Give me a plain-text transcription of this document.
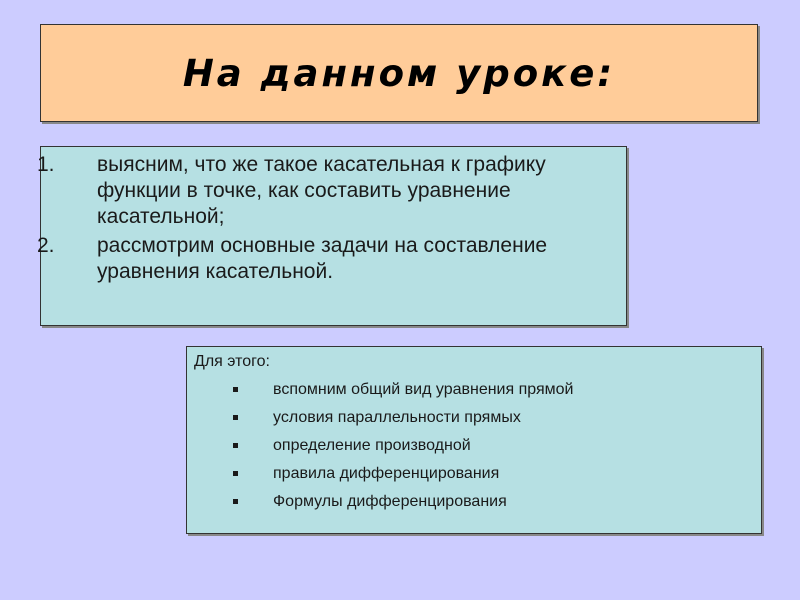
На данном уроке:
1. выясним, что же такое касательная к графику функции в точке, как составить уравнение касательной;
2. рассмотрим основные задачи на составление уравнения касательной.
Для этого:
вспомним общий вид уравнения прямой
условия параллельности прямых
определение производной
правила дифференцирования
Формулы дифференцирования
